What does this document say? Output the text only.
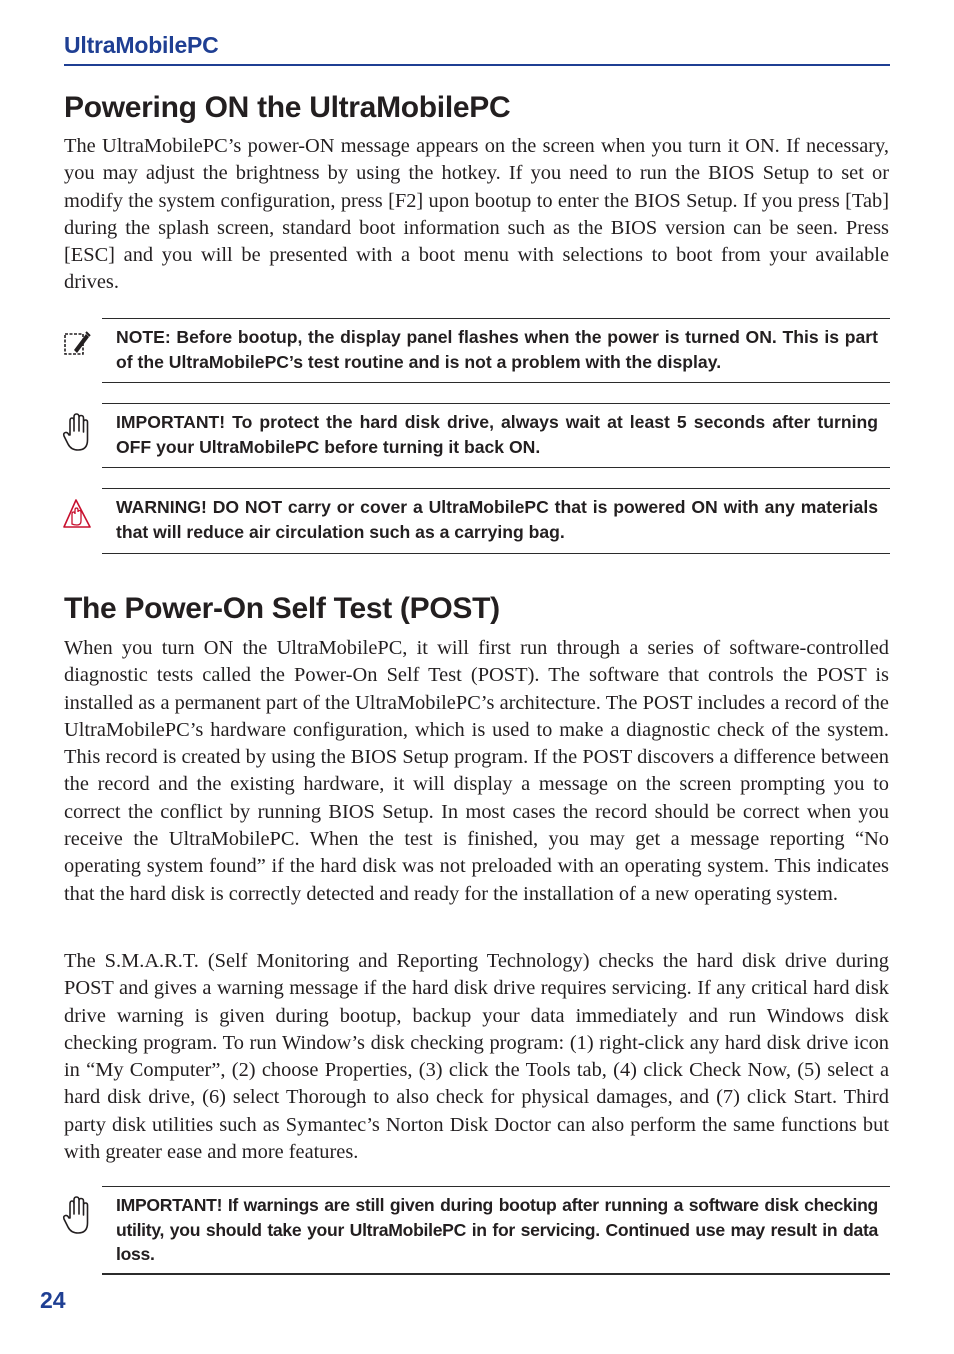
UltraMobilePC
Powering ON the UltraMobilePC

The UltraMobilePC’s power-ON message appears on the screen when you turn it ON. If necessary, you may adjust the brightness by using the hotkey. If you need to run the BIOS Setup to set or modify the system configuration, press [F2] upon bootup to enter the BIOS Setup. If you press [Tab] during the splash screen, standard boot information such as the BIOS version can be seen. Press [ESC] and you will be presented with a boot menu with selections to boot from your available drives.

NOTE: Before bootup, the display panel flashes when the power is turned ON. This is part of the UltraMobilePC’s test routine and is not a problem with the display.

IMPORTANT! To protect the hard disk drive, always wait at least 5 seconds after turning OFF your UltraMobilePC before turning it back ON.

WARNING! DO NOT carry or cover a UltraMobilePC that is powered ON with any materials that will reduce air circulation such as a carrying bag.

The Power-On Self Test (POST)

When you turn ON the UltraMobilePC, it will first run through a series of software-controlled diagnostic tests called the Power-On Self Test (POST). The software that controls the POST is installed as a permanent part of the UltraMobilePC’s architecture. The POST includes a record of the UltraMobilePC’s hardware configuration, which is used to make a diagnostic check of the system. This record is created by using the BIOS Setup program. If the POST discovers a difference between the record and the existing hardware, it will display a message on the screen prompting you to correct the conflict by running BIOS Setup. In most cases the record should be correct when you receive the UltraMobilePC. When the test is finished, you may get a message reporting “No operating system found” if the hard disk was not preloaded with an operating system. This indicates that the hard disk is correctly detected and ready for the installation of a new operating system.

The S.M.A.R.T. (Self Monitoring and Reporting Technology) checks the hard disk drive during POST and gives a warning message if the hard disk drive requires servicing. If any critical hard disk drive warning is given during bootup, backup your data immediately and run Windows disk checking program. To run Window’s disk checking program: (1) right-click any hard disk drive icon in “My Computer”, (2) choose Properties, (3) click the Tools tab, (4) click Check Now, (5) select a hard disk drive, (6) select Thorough to also check for physical damages, and (7) click Start. Third party disk utilities such as Symantec’s Norton Disk Doctor can also perform the same functions but with greater ease and more features.

IMPORTANT! If warnings are still given during bootup after running a software disk checking utility, you should take your UltraMobilePC in for servicing. Continued use may result in data loss.

24
